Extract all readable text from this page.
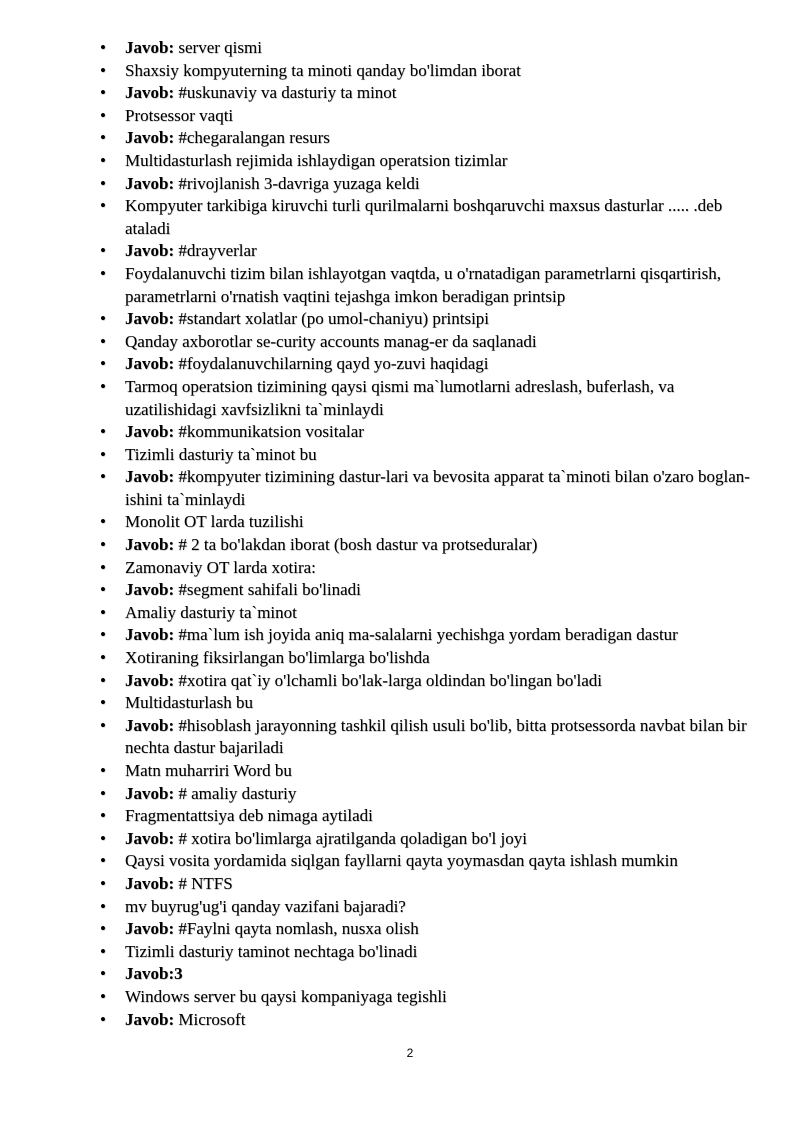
• Javob: server qismi
• Shaxsiy kompyuterning ta minoti qanday bo'limdan iborat
• Javob: #uskunaviy va dasturiy ta minot
• Protsessor vaqti
• Javob: #chegaralangan resurs
• Multidasturlash rejimida ishlaydigan operatsion tizimlar
• Javob: #rivojlanish 3-davriga yuzaga keldi
• Kompyuter tarkibiga kiruvchi turli qurilmalarni boshqaruvchi maxsus dasturlar ..... .deb ataladi
• Javob: #drayverlar
• Foydalanuvchi tizim bilan ishlayotgan vaqtda, u o'rnatadigan parametrlarni qisqartirish, parametrlarni o'rnatish vaqtini tejashga imkon beradigan printsip
• Javob: #standart xolatlar (po umol-chaniyu) printsipi
• Qanday axborotlar se-curity accounts manag-er da saqlanadi
• Javob: #foydalanuvchilarning qayd yo-zuvi haqidagi
• Tarmoq operatsion tizimining qaysi qismi ma`lumotlarni adreslash, buferlash, va uzatilishidagi xavfsizlikni ta`minlaydi
• Javob: #kommunikatsion vositalar
• Tizimli dasturiy ta`minot bu
• Javob: #kompyuter tizimining dastur-lari va bevosita apparat ta`minoti bilan o'zaro boglan- ishini ta`minlaydi
• Monolit OT larda tuzilishi
• Javob: # 2 ta bo'lakdan iborat (bosh dastur va protseduralar)
• Zamonaviy OT larda xotira:
• Javob: #segment sahifali bo'linadi
• Amaliy dasturiy ta`minot
• Javob: #ma`lum ish joyida aniq ma-salalarni yechishga yordam beradigan dastur
• Xotiraning fiksirlangan bo'limlarga bo'lishda
• Javob: #xotira qat`iy o'lchamli bo'lak-larga oldindan bo'lingan bo'ladi
• Multidasturlash bu
• Javob: #hisoblash jarayonning tashkil qilish usuli bo'lib, bitta protsessorda navbat bilan bir nechta dastur bajariladi
• Matn muharriri Word bu
• Javob: # amaliy dasturiy
• Fragmentattsiya deb nimaga aytiladi
• Javob: # xotira bo'limlarga ajratilganda qoladigan bo'l joyi
• Qaysi vosita yordamida siqlgan fayllarni qayta yoymasdan qayta ishlash mumkin
• Javob: # NTFS
• mv buyrug'ug'i qanday vazifani bajaradi?
• Javob: #Faylni qayta nomlash, nusxa olish
• Tizimli dasturiy taminot nechtaga bo'linadi
• Javob:3
• Windows server bu qaysi kompaniyaga tegishli
• Javob: Microsoft
2
